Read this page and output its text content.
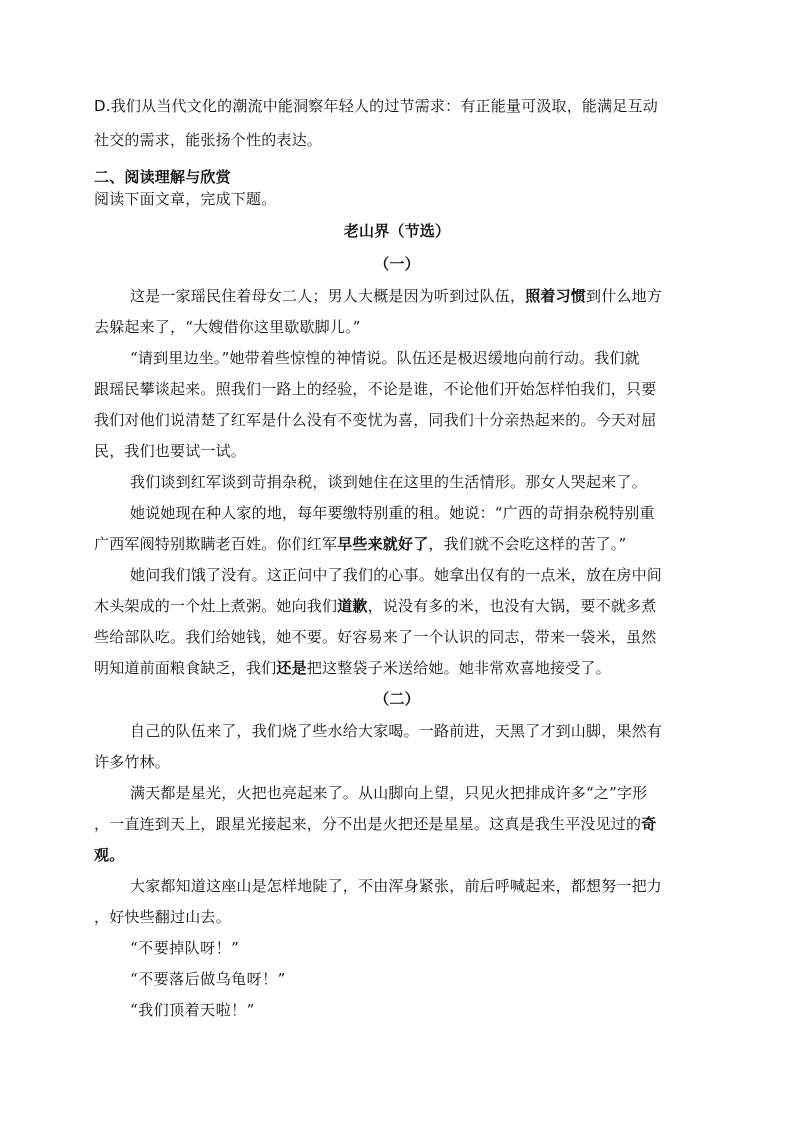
D.我们从当代文化的潮流中能洞察年轻人的过节需求：有正能量可汲取，能满足互动
社交的需求，能张扬个性的表达。
二、阅读理解与欣赏
阅读下面文章，完成下题。
老山界（节选）
（一）
这是一家瑶民住着母女二人；男人大概是因为听到过队伍，照着习惯到什么地方
去躲起来了，“大嫂借你这里歇歇脚儿。”
“请到里边坐。”她带着些惊惶的神情说。队伍还是极迟缓地向前行动。我们就
跟瑶民攀谈起来。照我们一路上的经验，不论是谁，不论他们开始怎样怕我们，只要
我们对他们说清楚了红军是什么没有不变忧为喜，同我们十分亲热起来的。今天对屈
民，我们也要试一试。
我们谈到红军谈到苛捐杂税，谈到她住在这里的生活情形。那女人哭起来了。
她说她现在种人家的地，每年要缴特别重的租。她说：“广西的苛捐杂税特别重
广西军阀特别欺瞒老百姓。你们红军早些来就好了，我们就不会吃这样的苦了。”
她问我们饿了没有。这正问中了我们的心事。她拿出仅有的一点米，放在房中间
木头架成的一个灶上煮粥。她向我们道歉，说没有多的米，也没有大锅，要不就多煮
些给部队吃。我们给她钱，她不要。好容易来了一个认识的同志，带来一袋米，虽然
明知道前面粮食缺乏，我们还是把这整袋子米送给她。她非常欢喜地接受了。
（二）
自己的队伍来了，我们烧了些水给大家喝。一路前进，天黑了才到山脚，果然有
许多竹林。
满天都是星光，火把也亮起来了。从山脚向上望，只见火把排成许多“之”字形
，一直连到天上，跟星光接起来，分不出是火把还是星星。这真是我生平没见过的奇
观。
大家都知道这座山是怎样地陡了，不由浑身紧张，前后呼喊起来，都想努一把力
，好快些翻过山去。
“不要掉队呀！”
“不要落后做乌龟呀！”
“我们顶着天啦！”
